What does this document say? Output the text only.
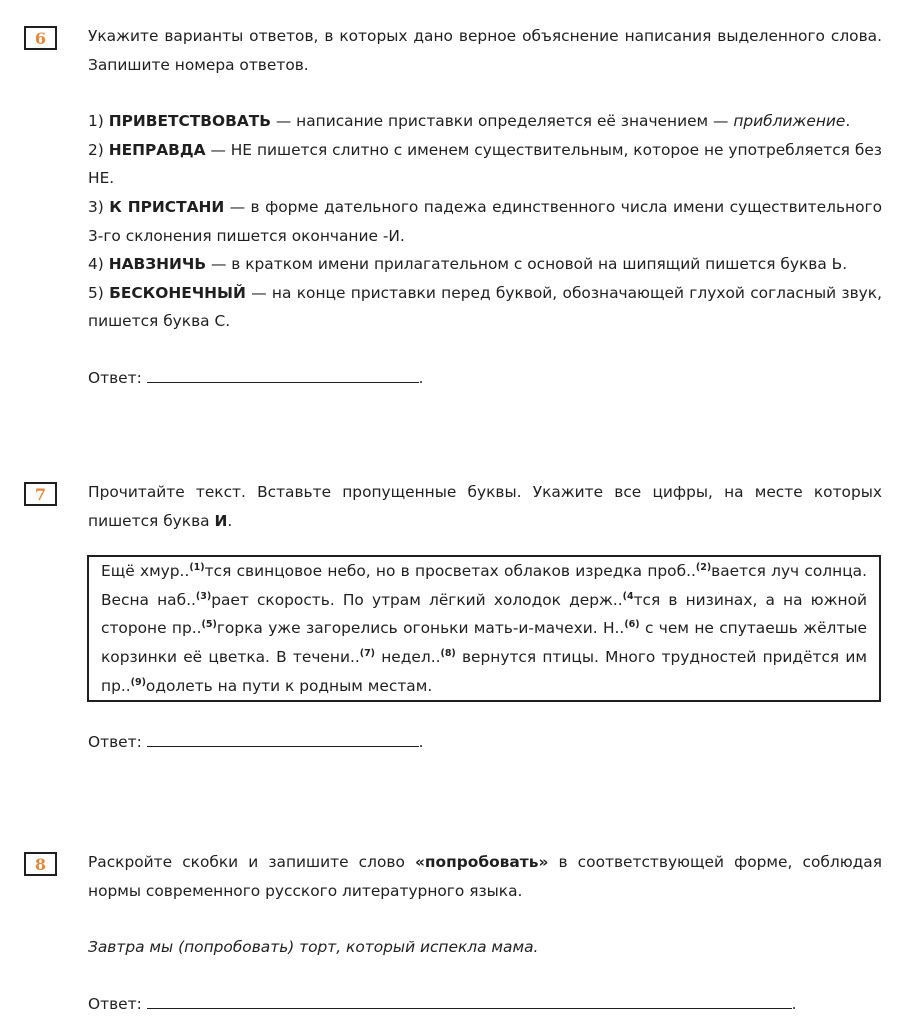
6	Укажите варианты ответов, в которых дано верное объяснение написания выделенного слова. Запишите номера ответов.

1) ПРИВЕТСТВОВАТЬ — написание приставки определяется её значением — приближение.

2) НЕПРАВДА — НЕ пишется слитно с именем существительным, которое не употребляется без НЕ.

3) К ПРИСТАНИ — в форме дательного падежа единственного числа имени существительного 3-го склонения пишется окончание -И.

4) НАВЗНИЧЬ — в кратком имени прилагательном с основой на шипящий пишется буква Ь.

5) БЕСКОНЕЧНЫЙ — на конце приставки перед буквой, обозначающей глухой согласный звук, пишется буква С.

Ответ:	.

7	Прочитайте текст. Вставьте пропущенные буквы. Укажите все цифры, на месте которых пишется буква И.

Ещё хмур..$^{(1)}$тся свинцовое небо, но в просветах облаков изредка проб..$^{(2)}$вается луч солнца. Весна наб..$^{(3)}$рает скорость. По утрам лёгкий холодок держ..$^{(4}$тся в низинах, а на южной стороне пр..$^{(5)}$горка уже загорелись огоньки мать-и-мачехи. Н..$^{(6)}$ с чем не спутаешь жёлтые корзинки её цветка. В течени..$^{(7)}$ недел..$^{(8)}$ вернутся птицы. Много трудностей придётся им пр..$^{(9)}$одолеть на пути к родным местам.

Ответ:	.

8	Раскройте скобки и запишите слово «попробовать» в соответствующей форме, соблюдая нормы современного русского литературного языка.

Завтра мы (попробовать) торт, который испекла мама.

Ответ:	.
